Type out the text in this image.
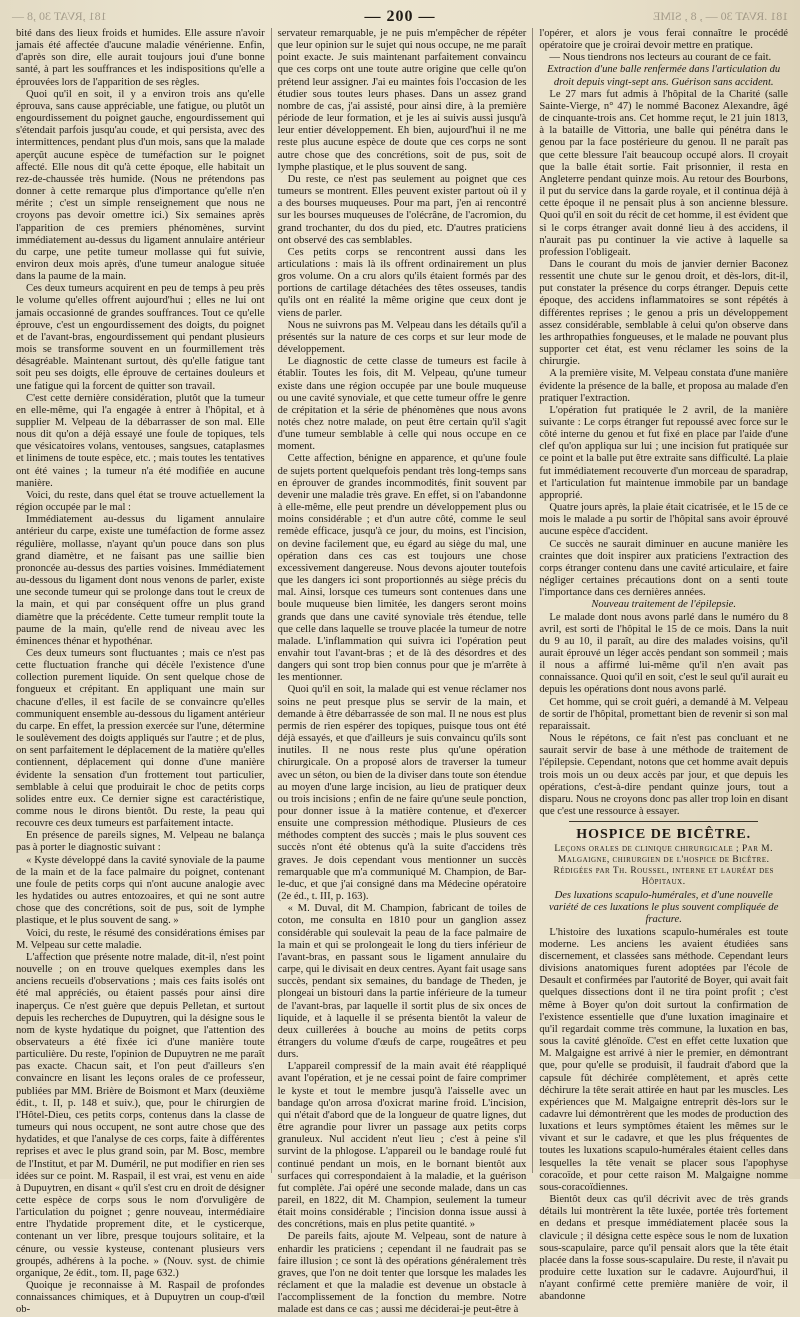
181 ,RVAT 30 ,8 —	— 200 —	181 .RVAT 30 — , 8 , SIME

bité dans des lieux froids et humides. Elle assure n'avoir jamais été affectée d'aucune maladie vénérienne. Enfin, d'après son dire, elle aurait toujours joui d'une bonne santé, à part les souffrances et les indispositions qu'elle a éprouvées lors de l'apparition de ses règles.

Quoi qu'il en soit, il y a environ trois ans qu'elle éprouva, sans cause appréciable, une fatigue, ou plutôt un engourdissement du poignet gauche, engourdissement qui s'étendait parfois jusqu'au coude, et qui persista, avec des intermittences, pendant plus d'un mois, sans que la malade aperçût aucune espèce de tuméfaction sur le poignet affecté. Elle nous dit qu'à cette époque, elle habitait un rez-de-chaussée très humide. (Nous ne prétendons pas donner à cette remarque plus d'importance qu'elle n'en mérite ; c'est un simple renseignement que nous ne croyons pas devoir omettre ici.) Six semaines après l'apparition de ces premiers phénomènes, survint immédiatement au-dessus du ligament annulaire antérieur du carpe, une petite tumeur mollasse qui fut suivie, environ deux mois après, d'une tumeur analogue située dans la paume de la main.

Ces deux tumeurs acquirent en peu de temps à peu près le volume qu'elles offrent aujourd'hui ; elles ne lui ont jamais occasionné de grandes souffrances. Tout ce qu'elle éprouve, c'est un engourdissement des doigts, du poignet et de l'avant-bras, engourdissement qui pendant plusieurs mois se transforme souvent en un fourmillement très désagréable. Maintenant surtout, dès qu'elle fatigue tant soit peu ses doigts, elle éprouve de certaines douleurs et une fatigue qui la forcent de quitter son travail.

C'est cette dernière considération, plutôt que la tumeur en elle-même, qui l'a engagée à entrer à l'hôpital, et à supplier M. Velpeau de la débarrasser de son mal. Elle nous dit qu'on a déjà essayé une foule de topiques, tels que vésicatoires volans, ventouses, sangsues, cataplasmes et linimens de toute espèce, etc. ; mais toutes les tentatives ont été vaines ; la tumeur n'a été modifiée en aucune manière.

Voici, du reste, dans quel état se trouve actuellement la région occupée par le mal :

Immédiatement au-dessus du ligament annulaire antérieur du carpe, existe une tuméfaction de forme assez régulière, mollasse, n'ayant qu'un pouce dans son plus grand diamètre, et ne faisant pas une saillie bien prononcée au-dessus des parties voisines. Immédiatement au-dessous du ligament dont nous venons de parler, existe une seconde tumeur qui se prolonge dans tout le creux de la main, et qui par conséquent offre un plus grand diamètre que la précédente. Cette tumeur remplit toute la paume de la main, qu'elle rend de niveau avec les éminences thénar et hypothénar.

Ces deux tumeurs sont fluctuantes ; mais ce n'est pas cette fluctuation franche qui décèle l'existence d'une collection purement liquide. On sent quelque chose de fongueux et crépitant. En appliquant une main sur chacune d'elles, il est facile de se convaincre qu'elles communiquent ensemble au-dessous du ligament antérieur du carpe. En effet, la pression exercée sur l'une, détermine le soulèvement des doigts appliqués sur l'autre ; et de plus, on sent parfaitement le déplacement de la matière qu'elles contiennent, déplacement qui donne d'une manière évidente la sensation d'un frottement tout particulier, semblable à celui que produirait le choc de petits corps solides entre eux. Ce dernier signe est caractéristique, comme nous le dirons bientôt. Du reste, la peau qui recouvre ces deux tumeurs est parfaitement intacte.

En présence de pareils signes, M. Velpeau ne balança pas à porter le diagnostic suivant :

« Kyste développé dans la cavité synoviale de la paume de la main et de la face palmaire du poignet, contenant une foule de petits corps qui n'ont aucune analogie avec les hydatides ou autres entozoaires, et qui ne sont autre chose que des concrétions, soit de pus, soit de lymphe plastique, et le plus souvent de sang. »

Voici, du reste, le résumé des considérations émises par M. Velpeau sur cette maladie.

L'affection que présente notre malade, dit-il, n'est point nouvelle ; on en trouve quelques exemples dans les anciens recueils d'observations ; mais ces faits isolés ont été mal appréciés, ou étaient passés pour ainsi dire inaperçus. Ce n'est guère que depuis Pelletan, et surtout depuis les recherches de Dupuytren, qui la désigne sous le nom de kyste hydatique du poignet, que l'attention des observateurs a été fixée ici d'une manière toute particulière. Du reste, l'opinion de Dupuytren ne me paraît pas exacte. Chacun sait, et l'on peut d'ailleurs s'en convaincre en lisant les leçons orales de ce professeur, publiées par MM. Brière de Boismont et Marx (deuxième édit., t. II, p. 148 et suiv.), que, pour le chirurgien de l'Hôtel-Dieu, ces petits corps, contenus dans la classe de tumeurs qui nous occupent, ne sont autre chose que des hydatides, et que l'analyse de ces corps, faite à différentes reprises et avec le plus grand soin, par M. Bosc, membre de l'Institut, et par M. Duméril, ne put modifier en rien ses idées sur ce point. M. Raspail, il est vrai, est venu en aide à Dupuytren, en disant « qu'il s'est cru en droit de désigner cette espèce de corps sous le nom d'orvuligère de l'articulation du poignet ; genre nouveau, intermédiaire entre l'hydatide proprement dite, et le cysticerque, contenant un ver libre, presque toujours solitaire, et la cénure, ou vessie kysteuse, contenant plusieurs vers groupés, adhérens à la poche. » (Nouv. syst. de chimie organique, 2e édit., tom. II, page 632.)

Quoique je reconnaisse à M. Raspail de profondes connaissances chimiques, et à Dupuytren un coup-d'œil ob-

servateur remarquable, je ne puis m'empêcher de répéter que leur opinion sur le sujet qui nous occupe, ne me paraît point exacte. Je suis maintenant parfaitement convaincu que ces corps ont une toute autre origine que celle qu'on prétend leur assigner. J'ai eu maintes fois l'occasion de les étudier sous toutes leurs phases. Dans un assez grand nombre de cas, j'ai assisté, pour ainsi dire, à la première période de leur formation, et je les ai suivis aussi jusqu'à leur entier développement. Eh bien, aujourd'hui il ne me reste plus aucune espèce de doute que ces corps ne sont autre chose que des concrétions, soit de pus, soit de lymphe plastique, et le plus souvent de sang.

Du reste, ce n'est pas seulement au poignet que ces tumeurs se montrent. Elles peuvent exister partout où il y a des bourses muqueuses. Pour ma part, j'en ai rencontré sur les bourses muqueuses de l'olécrâne, de l'acromion, du grand trochanter, du dos du pied, etc. D'autres praticiens ont observé des cas semblables.

Ces petits corps se rencontrent aussi dans les articulations : mais là ils offrent ordinairement un plus gros volume. On a cru alors qu'ils étaient formés par des portions de cartilage détachées des têtes osseuses, tandis qu'ils ont en réalité la même origine que ceux dont je viens de parler.

Nous ne suivrons pas M. Velpeau dans les détails qu'il a présentés sur la nature de ces corps et sur leur mode de développement.

Le diagnostic de cette classe de tumeurs est facile à établir. Toutes les fois, dit M. Velpeau, qu'une tumeur existe dans une région occupée par une boule muqueuse ou une cavité synoviale, et que cette tumeur offre le genre de crépitation et la série de phénomènes que nous avons notés chez notre malade, on peut être certain qu'il s'agit d'une tumeur semblable à celle qui nous occupe en ce moment.

Cette affection, bénigne en apparence, et qu'une foule de sujets portent quelquefois pendant très long-temps sans en éprouver de grandes incommodités, finit souvent par devenir une maladie très grave. En effet, si on l'abandonne à elle-même, elle peut prendre un développement plus ou moins considérable ; et d'un autre côté, comme le seul remède efficace, jusqu'à ce jour, du moins, est l'incision, on devine facilement que, eu égard au siège du mal, une opération dans ces cas est toujours une chose excessivement dangereuse. Nous devons ajouter toutefois que les dangers ici sont proportionnés au siège précis du mal. Ainsi, lorsque ces tumeurs sont contenues dans une boule muqueuse bien limitée, les dangers seront moins grands que dans une cavité synoviale très étendue, telle que celle dans laquelle se trouve placée la tumeur de notre malade. L'inflammation qui suivra ici l'opération peut envahir tout l'avant-bras ; et de là des désordres et des dangers qui sont trop bien connus pour que je m'arrête à les mentionner.

Quoi qu'il en soit, la malade qui est venue réclamer nos soins ne peut presque plus se servir de la main, et demande à être débarrassée de son mal. Il ne nous est plus permis de rien espérer des topiques, puisque tous ont été déjà essayés, et que d'ailleurs je suis convaincu qu'ils sont inutiles. Il ne nous reste plus qu'une opération chirurgicale. On a proposé alors de traverser la tumeur avec un séton, ou bien de la diviser dans toute son étendue au moyen d'une large incision, au lieu de pratiquer deux ou trois incisions ; enfin de ne faire qu'une seule ponction, pour donner issue à la matière contenue, et d'exercer ensuite une compression méthodique. Plusieurs de ces méthodes comptent des succès ; mais le plus souvent ces succès n'ont été obtenus qu'à la suite d'accidens très graves. Je dois cependant vous mentionner un succès remarquable que m'a communiqué M. Champion, de Bar-le-duc, et que j'ai consigné dans ma Médecine opératoire (2e éd., t. III, p. 163).

« M. Duval, dit M. Champion, fabricant de toiles de coton, me consulta en 1810 pour un ganglion assez considérable qui soulevait la peau de la face palmaire de la main et qui se prolongeait le long du tiers inférieur de l'avant-bras, en passant sous le ligament annulaire du carpe, qui le divisait en deux centres. Ayant fait usage sans succès, pendant six semaines, du bandage de Theden, je plongeai un bistouri dans la partie inférieure de la tumeur de l'avant-bras, par laquelle il sortit plus de six onces de liquide, et à laquelle il se présenta bientôt la valeur de deux cuillerées à bouche au moins de petits corps étrangers du volume d'œufs de carpe, rougeâtres et peu durs.

L'appareil compressif de la main avait été réappliqué avant l'opération, et je ne cessai point de faire comprimer le kyste et tout le membre jusqu'à l'aisselle avec un bandage qu'on arrosa d'oxicrat marine froid. L'incision, qui n'était d'abord que de la longueur de quatre lignes, dut être agrandie pour livrer un passage aux petits corps granuleux. Nul accident n'eut lieu ; c'est à peine s'il survint de la phlogose. L'appareil ou le bandage roulé fut continué pendant un mois, en le bornant bientôt aux surfaces qui correspondaient à la maladie, et la guérison fut complète. J'ai opéré une seconde malade, dans un cas pareil, en 1822, dit M. Champion, seulement la tumeur était moins considérable ; l'incision donna issue aussi à des concrétions, mais en plus petite quantité. »

De pareils faits, ajoute M. Velpeau, sont de nature à enhardir les praticiens ; cependant il ne faudrait pas se faire illusion ; ce sont là des opérations généralement très graves, que l'on ne doit tenter que lorsque les malades les réclament et que la maladie est devenue un obstacle à l'accomplissement de la fonction du membre. Notre malade est dans ce cas ; aussi me déciderai-je peut-être à

l'opérer, et alors je vous ferai connaître le procédé opératoire que je croirai devoir mettre en pratique.

— Nous tiendrons nos lecteurs au courant de ce fait.

Extraction d'une balle renfermée dans l'articulation du droit depuis vingt-sept ans. Guérison sans accident.

Le 27 mars fut admis à l'hôpital de la Charité (salle Sainte-Vierge, n° 47) le nommé Baconez Alexandre, âgé de cinquante-trois ans. Cet homme reçut, le 21 juin 1813, à la bataille de Vittoria, une balle qui pénétra dans le genou par la face postérieure du genou. Il ne paraît pas que cette blessure l'ait beaucoup occupé alors. Il croyait que la balle était sortie. Fait prisonnier, il resta en Angleterre pendant quinze mois. Au retour des Bourbons, il put du service dans la garde royale, et il continua déjà à cette époque il ne pensait plus à son ancienne blessure. Quoi qu'il en soit du récit de cet homme, il est évident que si le corps étranger avait donné lieu à des accidens, il n'aurait pas pu continuer la vie active à laquelle sa profession l'obligeait.

Dans le courant du mois de janvier dernier Baconez ressentit une chute sur le genou droit, et dès-lors, dit-il, put constater la présence du corps étranger. Depuis cette époque, des accidens inflammatoires se sont répétés à différentes reprises ; le genou a pris un développement assez considérable, semblable à celui qu'on observe dans les arthropathies fongueuses, et le malade ne pouvant plus supporter cet état, est venu réclamer les soins de la chirurgie.

A la première visite, M. Velpeau constata d'une manière évidente la présence de la balle, et proposa au malade d'en pratiquer l'extraction.

L'opération fut pratiquée le 2 avril, de la manière suivante : Le corps étranger fut repoussé avec force sur le côté interne du genou et fut fixé en place par l'aide d'une clef qu'on appliqua sur lui ; une incision fut pratiquée sur ce point et la balle put être extraite sans difficulté. La plaie fut immédiatement recouverte d'un morceau de sparadrap, et l'articulation fut maintenue immobile par un bandage approprié.

Quatre jours après, la plaie était cicatrisée, et le 15 de ce mois le malade a pu sortir de l'hôpital sans avoir éprouvé aucune espèce d'accident.

Ce succès ne saurait diminuer en aucune manière les craintes que doit inspirer aux praticiens l'extraction des corps étranger contenu dans une cavité articulaire, et faire négliger certaines précautions dont on a senti toute l'importance dans ces dernières années.

Nouveau traitement de l'épilepsie.

Le malade dont nous avons parlé dans le numéro du 8 avril, est sorti de l'hôpital le 15 de ce mois. Dans la nuit du 9 au 10, il paraît, au dire des malades voisins, qu'il aurait éprouvé un léger accès pendant son sommeil ; mais il nous a affirmé lui-même qu'il n'en avait pas connaissance. Quoi qu'il en soit, c'est le seul qu'il aurait eu depuis les opérations dont nous avons parlé.

Cet homme, qui se croit guéri, a demandé à M. Velpeau de sortir de l'hôpital, promettant bien de revenir si son mal reparaissait.

Nous le répétons, ce fait n'est pas concluant et ne saurait servir de base à une méthode de traitement de l'épilepsie. Cependant, notons que cet homme avait depuis trois mois un ou deux accès par jour, et que depuis les opérations, c'est-à-dire pendant quinze jours, tout a disparu. Nous ne croyons donc pas aller trop loin en disant que c'est une ressource à essayer.

HOSPICE DE BICÊTRE.
Leçons orales de clinique chirurgicale ; Par M. Malgaigne, chirurgien de l'hospice de Bicêtre. Rédigées par Th. Roussel, interne et lauréat des Hôpitaux.

Des luxations scapulo-humérales, et d'une nouvelle variété de ces luxations le plus souvent compliquée de fracture.

L'histoire des luxations scapulo-humérales est toute moderne. Les anciens les avaient étudiées sans discernement, et classées sans méthode. Cependant leurs divisions anatomiques furent adoptées par l'école de Desault et confirmées par l'autorité de Boyer, qui avait fait quelques dissections dont il ne tira point profit ; c'est même à Boyer qu'on doit surtout la confirmation de l'existence essentielle que d'une luxation imaginaire et qu'il regardait comme très commune, la luxation en bas, sous la cavité glénoïde. C'est en effet cette luxation que M. Malgaigne est arrivé à nier le premier, en démontrant que, pour qu'elle se produisît, il faudrait d'abord que la capsule fût déchirée complètement, et après cette déchirure la tête serait attirée en haut par les muscles. Les expériences que M. Malgaigne entreprit dès-lors sur le cadavre lui démontrèrent que les modes de production des luxations et leurs symptômes étaient les mêmes sur le vivant et sur le cadavre, et que les plus fréquentes de toutes les luxations scapulo-humérales étaient celles dans lesquelles la tête venait se placer sous l'apophyse coracoïde, et pour cette raison M. Malgaigne nomme sous-coracoïdiennes.

Bientôt deux cas qu'il décrivit avec de très grands détails lui montrèrent la tête luxée, portée très fortement en dedans et presque immédiatement placée sous la clavicule ; il désigna cette espèce sous le nom de luxation sous-scapulaire, parce qu'il pensait alors que la tête était placée dans la fosse sous-scapulaire. Du reste, il n'avait pu produire cette luxation sur le cadavre. Aujourd'hui, il n'ayant confirmé cette première manière de voir, il abandonne
